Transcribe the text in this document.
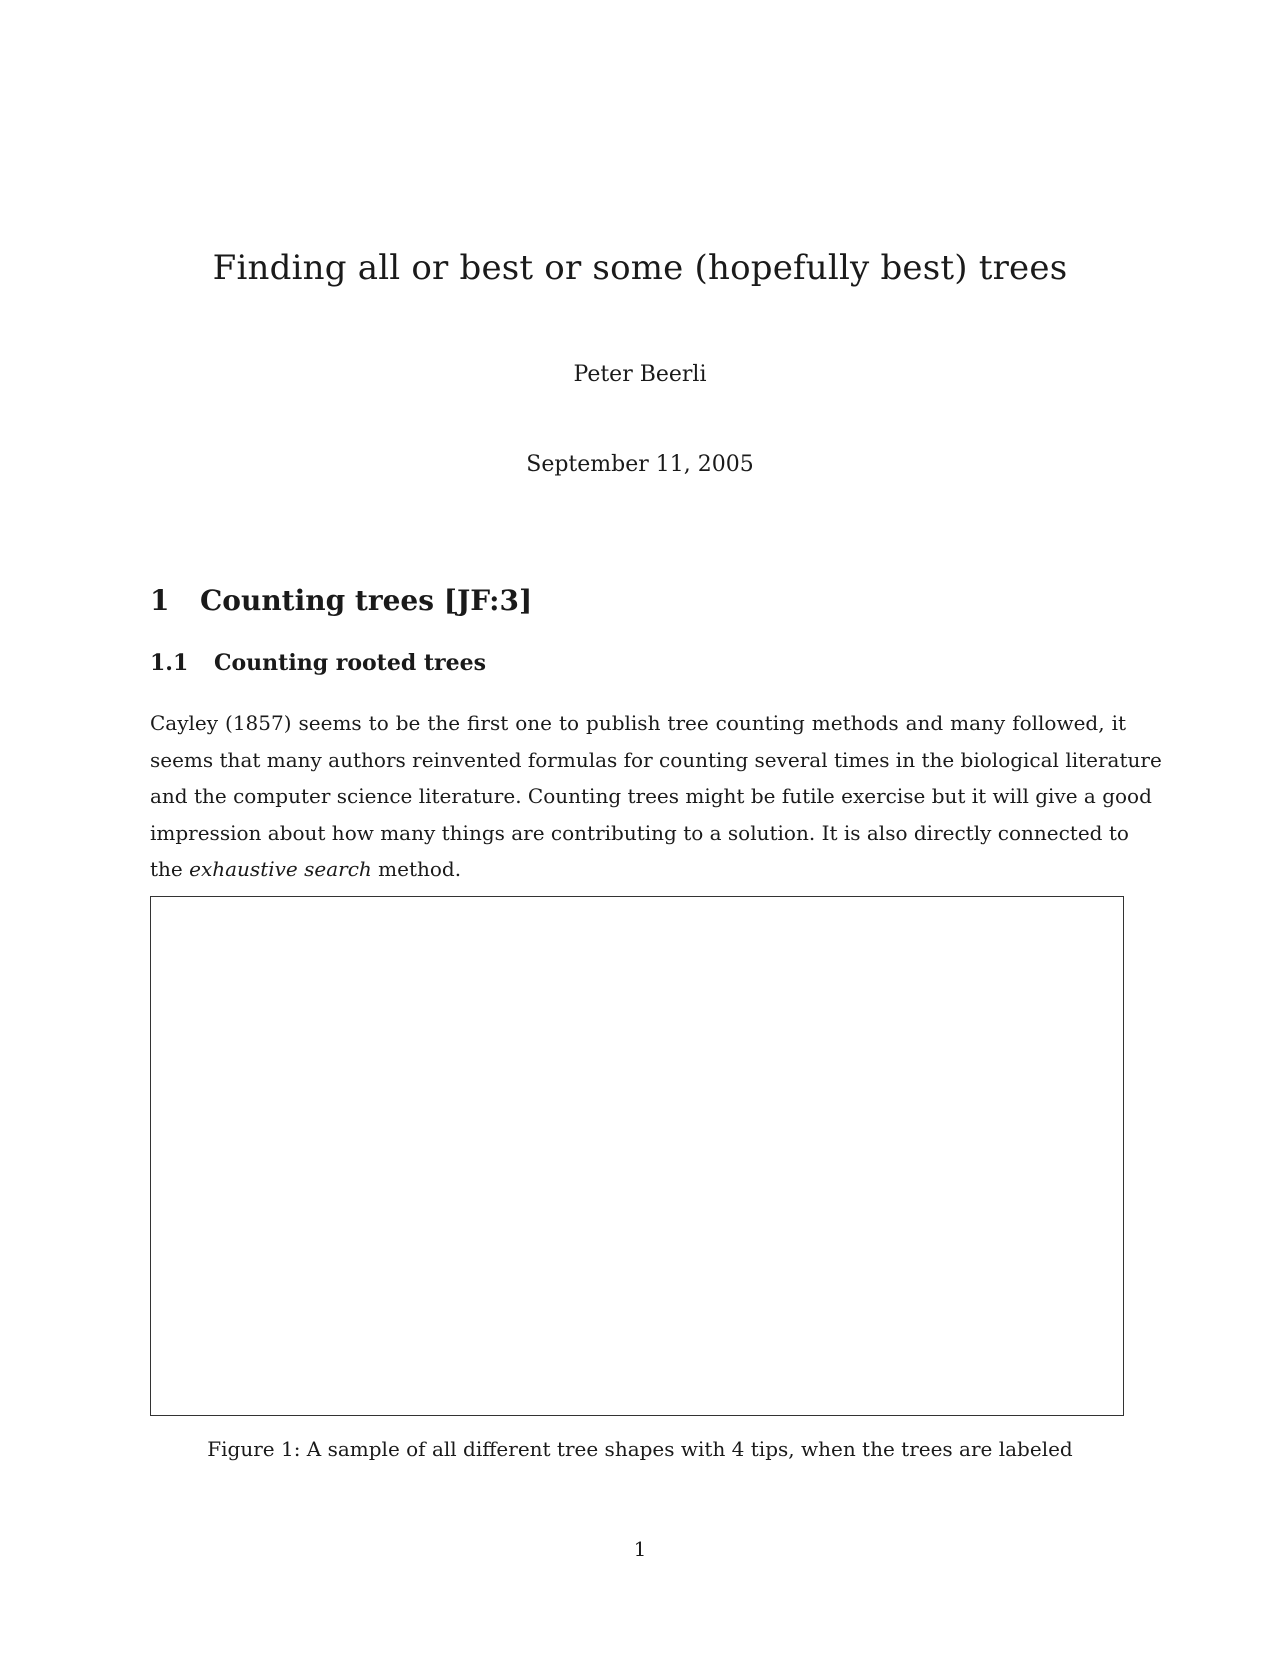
Finding all or best or some (hopefully best) trees
Peter Beerli
September 11, 2005
1 Counting trees [JF:3]
1.1 Counting rooted trees
Cayley (1857) seems to be the first one to publish tree counting methods and many followed, it
seems that many authors reinvented formulas for counting several times in the biological literature
and the computer science literature. Counting trees might be futile exercise but it will give a good
impression about how many things are contributing to a solution. It is also directly connected to
the exhaustive search method.
Figure 1: A sample of all different tree shapes with 4 tips, when the trees are labeled
1
